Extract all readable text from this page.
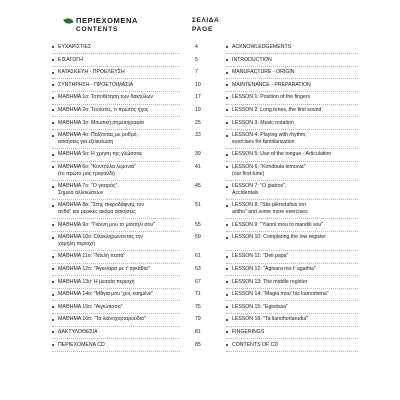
ΠΕΡΙΕΧΟΜΕΝΑ
CONTENTS
ΣΕΛΙΔΑ
PAGE
ΕΥΧΑΡΙΣΤΙΕΣ	4	ACKNOWLEDGEMENTS
ΕΙΣΑΓΩΓΗ	5	INTRODUCTION
ΚΑΤΑΣΚΕΥΗ - ΠΡΟΕΛΕΥΣΗ	7	MANUFACTURE - ORIGIN
ΣΥΝΤΗΡΗΣΗ - ΠΡΟΕΤΟΙΜΑΣΙΑ	10	MAINTENANCE - PREPARATION
ΜΑΘΗΜΑ 1ο: Τοποθέτηση των δακτύλων	17	LESSON 1: Position of the fingers
ΜΑΘΗΜΑ 2ο: Τενούτες, ο πρώτος ήχος	19	LESSON 2: Long tones, the first sound
ΜΑΘΗΜΑ 3ο: Μουσική σημειογραφία	25	LESSON 3: Music notation
ΜΑΘΗΜΑ 4ο: Παίζοντας με ρυθμό,
ασκήσεις για εξοικείωση
33	LESSON 4: Playing with rhythm,
exercises for familiarization
ΜΑΘΗΜΑ 5ο: Η χρήση της γλώσσας	39	LESSON 5: Use of the tongue - Articulation
ΜΑΘΗΜΑ 6ο: "Κοντούλα λεμονιά"
(το πρώτο μας τραγούδι)
41	LESSON 6: "Kondoula lemonia"
(our first tune)
ΜΑΘΗΜΑ 7ο: "Ο γιατρός",
Σημεία αλλοιώσεων
45	LESSON 7: "O giatros",
Accidentals
ΜΑΘΗΜΑ 8ο: "Στης πικροδάφνης τον
ανθό" και μερικές ακόμα ασκήσεις
51	LESSON 8: "Stis pikrodafnis ton
antho" and some more exercises
ΜΑΘΗΜΑ 9ο: "Γιάννη μου το μαντήλι σου"	55	LESSON 9: "Yianni mou to mandili sou"
ΜΑΘΗΜΑ 10ο: Ολοκληρώνοντας την
χαμηλή περιοχή
59	LESSON 10: Completing the low register
ΜΑΘΗΜΑ 11ο: "Ντελή παπά"	61	LESSON 11: "Deli papa"
ΜΑΘΗΜΑ 12ο: "Άγκιναρα με τ' αγκάθια"	63	LESSON 12: "Aginara me t' agathia"
ΜΑΘΗΜΑ 13ο: Η μεσαία περιοχή	67	LESSON 13: The middle register
ΜΑΘΗΜΑ 14ο: "Μάγια μου 'χεις καημένε"	71	LESSON 14: "Magia mou' his kamomena"
ΜΑΘΗΜΑ 15ο: "Αιγιώτισσα"	75	LESSON 15: "Egiotissa"
ΜΑΘΗΜΑ 16ο: "Τα λιανοχορταρούδια"	79	LESSON 16: "Ta lianohortarudia"
ΔΑΚΤΥΛΟΘΕΣΙΑ	81	FINGERINGS
ΠΕΡΙΕΧΟΜΕΝΑ CD	85	CONTENTS OF CD
